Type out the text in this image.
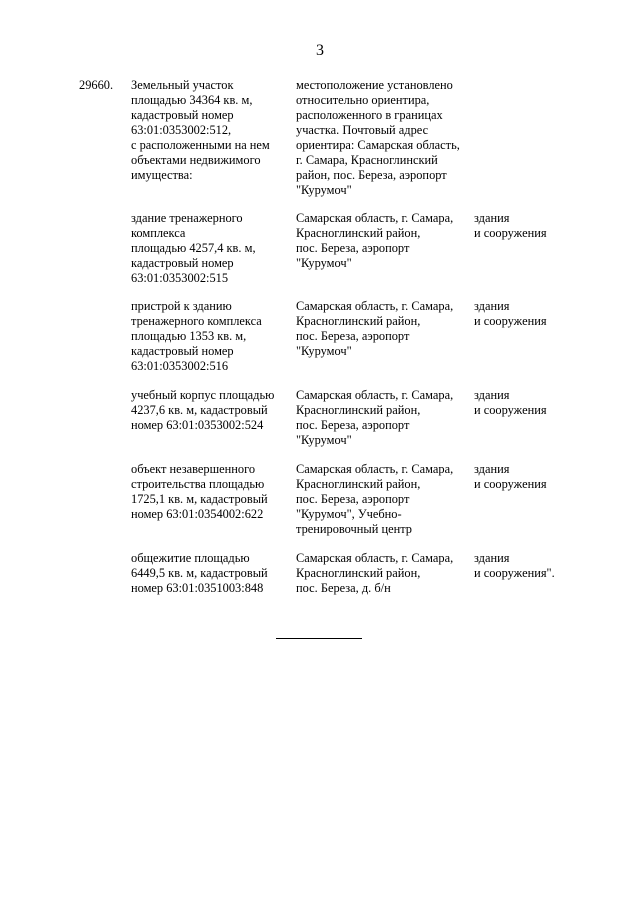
3
29660. Земельный участок
площадью 34364 кв. м,
кадастровый номер
63:01:0353002:512,
с расположенными на нем
объектами недвижимого
имущества:
местоположение установлено
относительно ориентира,
расположенного в границах
участка. Почтовый адрес
ориентира: Самарская область,
г. Самара, Красноглинский
район, пос. Береза, аэропорт
"Курумоч"
здание тренажерного
комплекса
площадью 4257,4 кв. м,
кадастровый номер
63:01:0353002:515
Самарская область, г. Самара,
Красноглинский район,
пос. Береза, аэропорт
"Курумоч"
здания
и сооружения
пристрой к зданию
тренажерного комплекса
площадью 1353 кв. м,
кадастровый номер
63:01:0353002:516
Самарская область, г. Самара,
Красноглинский район,
пос. Береза, аэропорт
"Курумоч"
здания
и сооружения
учебный корпус площадью
4237,6 кв. м, кадастровый
номер 63:01:0353002:524
Самарская область, г. Самара,
Красноглинский район,
пос. Береза, аэропорт
"Курумоч"
здания
и сооружения
объект незавершенного
строительства площадью
1725,1 кв. м, кадастровый
номер 63:01:0354002:622
Самарская область, г. Самара,
Красноглинский район,
пос. Береза, аэропорт
"Курумоч", Учебно-
тренировочный центр
здания
и сооружения
общежитие площадью
6449,5 кв. м, кадастровый
номер 63:01:0351003:848
Самарская область, г. Самара,
Красноглинский район,
пос. Береза, д. б/н
здания
и сооружения".
